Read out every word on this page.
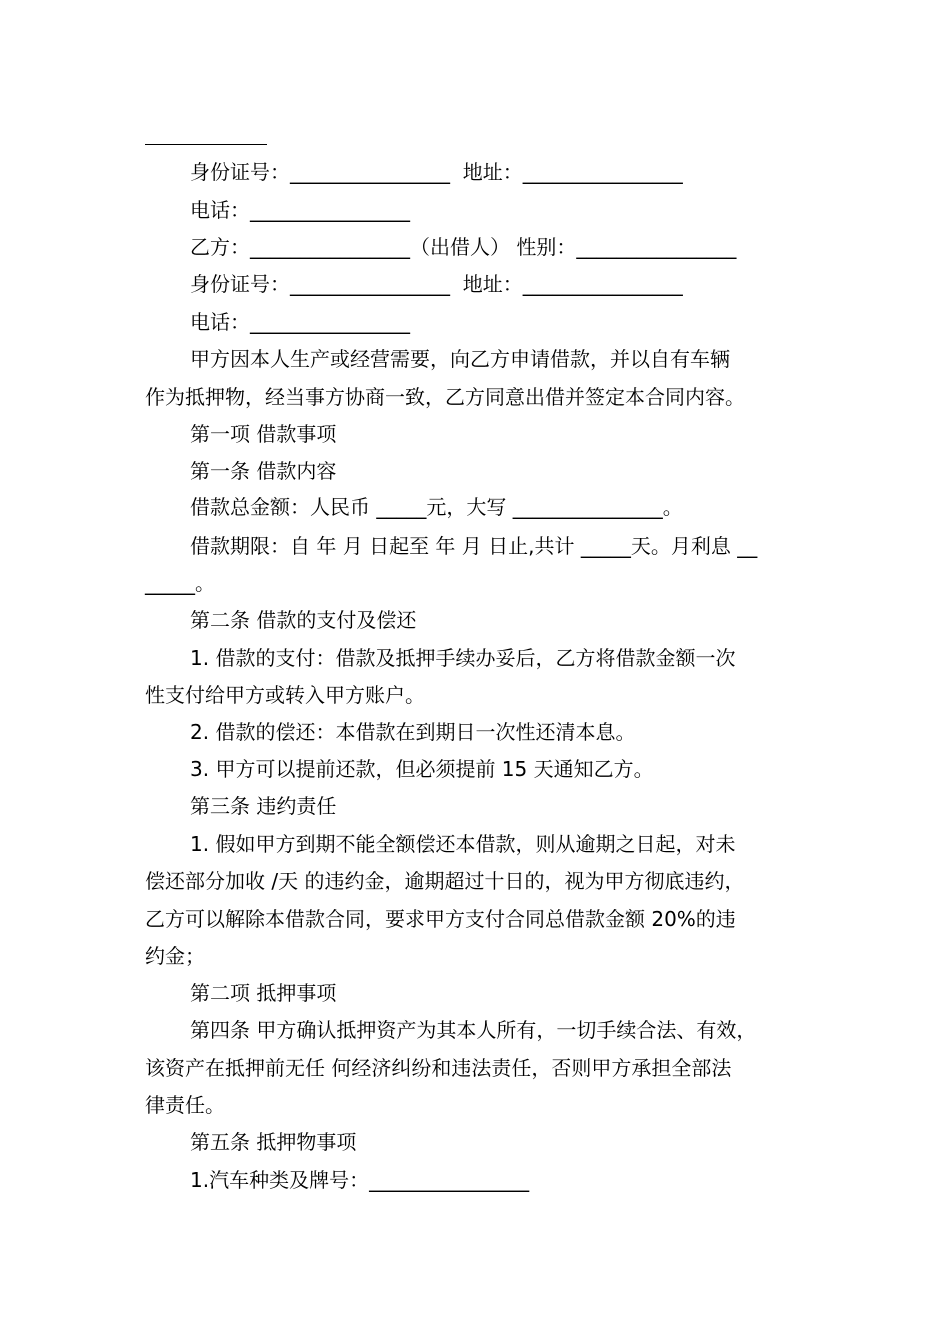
身份证号：________________  地址：________________
电话：________________
乙方：________________（出借人） 性别：________________
身份证号：________________  地址：________________
电话：________________
甲方因本人生产或经营需要，向乙方申请借款，并以自有车辆
作为抵押物，经当事方协商一致，乙方同意出借并签定本合同内容。
第一项 借款事项
第一条 借款内容
借款总金额：人民币 _____元，大写 _______________。
借款期限：自 年 月 日起至 年 月 日止,共计 _____天。月利息 __
_____。
第二条 借款的支付及偿还
1. 借款的支付：借款及抵押手续办妥后，乙方将借款金额一次
性支付给甲方或转入甲方账户。
2. 借款的偿还：本借款在到期日一次性还清本息。
3. 甲方可以提前还款，但必须提前 15 天通知乙方。
第三条 违约责任
1. 假如甲方到期不能全额偿还本借款，则从逾期之日起，对未
偿还部分加收 /天 的违约金，逾期超过十日的，视为甲方彻底违约，
乙方可以解除本借款合同，要求甲方支付合同总借款金额 20%的违
约金；
第二项 抵押事项
第四条 甲方确认抵押资产为其本人所有，一切手续合法、有效，
该资产在抵押前无任 何经济纠纷和违法责任，否则甲方承担全部法
律责任。
第五条 抵押物事项
1.汽车种类及牌号：________________
